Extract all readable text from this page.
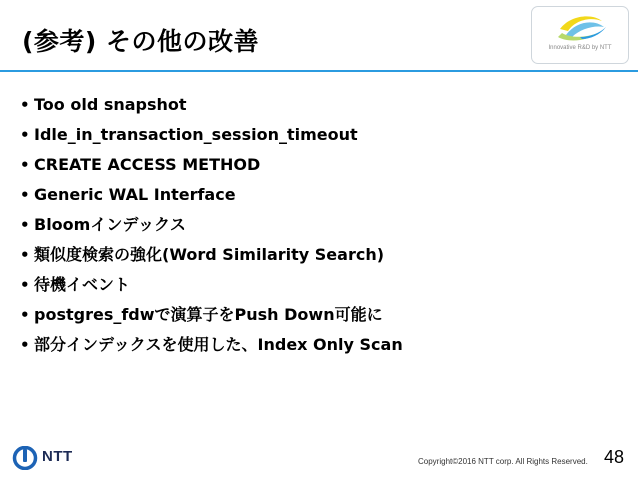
(参考) その他の改善	Innovative R&D by NTT
• Too old snapshot
• Idle_in_transaction_session_timeout
• CREATE ACCESS METHOD
• Generic WAL Interface
• Bloomインデックス
• 類似度検索の強化(Word Similarity Search)
• 待機イベント
• postgres_fdwで演算子をPush Down可能に
• 部分インデックスを使用した、Index Only Scan
NTT	Copyright©2016 NTT corp. All Rights Reserved. 48
